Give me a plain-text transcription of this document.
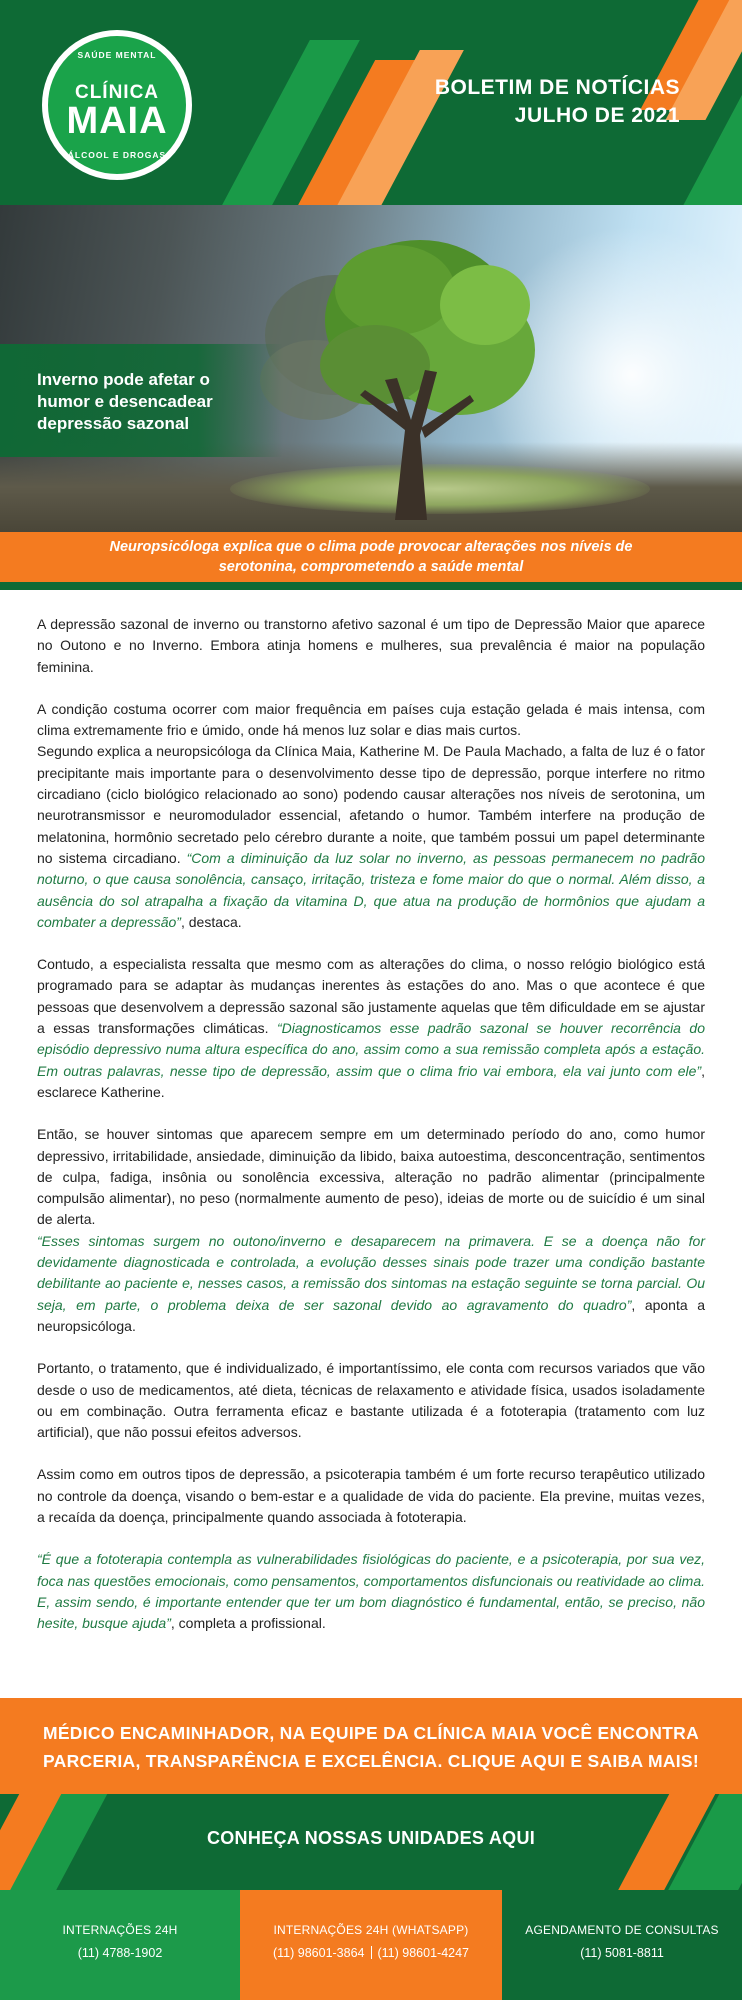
SAÚDE MENTAL
CLÍNICA
MAIA
ÁLCOOL E DROGAS
BOLETIM DE NOTÍCIAS
JULHO DE 2021
Inverno pode afetar o humor e desencadear depressão sazonal
Neuropsicóloga explica que o clima pode provocar alterações nos níveis de
serotonina, comprometendo a saúde mental

A depressão sazonal de inverno ou transtorno afetivo sazonal é um tipo de Depressão Maior que aparece no Outono e no Inverno. Embora atinja homens e mulheres, sua prevalência é maior na população feminina.

A condição costuma ocorrer com maior frequência em países cuja estação gelada é mais intensa, com clima extremamente frio e úmido, onde há menos luz solar e dias mais curtos.

Segundo explica a neuropsicóloga da Clínica Maia, Katherine M. De Paula Machado, a falta de luz é o fator precipitante mais importante para o desenvolvimento desse tipo de depressão, porque interfere no ritmo circadiano (ciclo biológico relacionado ao sono) podendo causar alterações nos níveis de serotonina, um neurotransmissor e neuromodulador essencial, afetando o humor. Também interfere na produção de melatonina, hormônio secretado pelo cérebro durante a noite, que também possui um papel determinante no sistema circadiano. “Com a diminuição da luz solar no inverno, as pessoas permanecem no padrão noturno, o que causa sonolência, cansaço, irritação, tristeza e fome maior do que o normal. Além disso, a ausência do sol atrapalha a fixação da vitamina D, que atua na produção de hormônios que ajudam a combater a depressão”, destaca.

Contudo, a especialista ressalta que mesmo com as alterações do clima, o nosso relógio biológico está programado para se adaptar às mudanças inerentes às estações do ano. Mas o que acontece é que pessoas que desenvolvem a depressão sazonal são justamente aquelas que têm dificuldade em se ajustar a essas transformações climáticas. “Diagnosticamos esse padrão sazonal se houver recorrência do episódio depressivo numa altura específica do ano, assim como a sua remissão completa após a estação. Em outras palavras, nesse tipo de depressão, assim que o clima frio vai embora, ela vai junto com ele”, esclarece Katherine.

Então, se houver sintomas que aparecem sempre em um determinado período do ano, como humor depressivo, irritabilidade, ansiedade, diminuição da libido, baixa autoestima, desconcentração, sentimentos de culpa, fadiga, insônia ou sonolência excessiva, alteração no padrão alimentar (principalmente compulsão alimentar), no peso (normalmente aumento de peso), ideias de morte ou de suicídio é um sinal de alerta.

“Esses sintomas surgem no outono/inverno e desaparecem na primavera. E se a doença não for devidamente diagnosticada e controlada, a evolução desses sinais pode trazer uma condição bastante debilitante ao paciente e, nesses casos, a remissão dos sintomas na estação seguinte se torna parcial. Ou seja, em parte, o problema deixa de ser sazonal devido ao agravamento do quadro”, aponta a neuropsicóloga.

Portanto, o tratamento, que é individualizado, é importantíssimo, ele conta com recursos variados que vão desde o uso de medicamentos, até dieta, técnicas de relaxamento e atividade física, usados isoladamente ou em combinação. Outra ferramenta eficaz e bastante utilizada é a fototerapia (tratamento com luz artificial), que não possui efeitos adversos.

Assim como em outros tipos de depressão, a psicoterapia também é um forte recurso terapêutico utilizado no controle da doença, visando o bem-estar e a qualidade de vida do paciente. Ela previne, muitas vezes, a recaída da doença, principalmente quando associada à fototerapia.

“É que a fototerapia contempla as vulnerabilidades fisiológicas do paciente, e a psicoterapia, por sua vez, foca nas questões emocionais, como pensamentos, comportamentos disfuncionais ou reatividade ao clima. E, assim sendo, é importante entender que ter um bom diagnóstico é fundamental, então, se preciso, não hesite, busque ajuda”, completa a profissional.

MÉDICO ENCAMINHADOR, NA EQUIPE DA CLÍNICA MAIA VOCÊ ENCONTRA
PARCERIA, TRANSPARÊNCIA E EXCELÊNCIA. CLIQUE AQUI E SAIBA MAIS!
CONHEÇA NOSSAS UNIDADES AQUI
INTERNAÇÕES 24H
(11) 4788-1902
INTERNAÇÕES 24H (WHATSAPP)
(11) 98601-3864 (11) 98601-4247
AGENDAMENTO DE CONSULTAS
(11) 5081-8811
